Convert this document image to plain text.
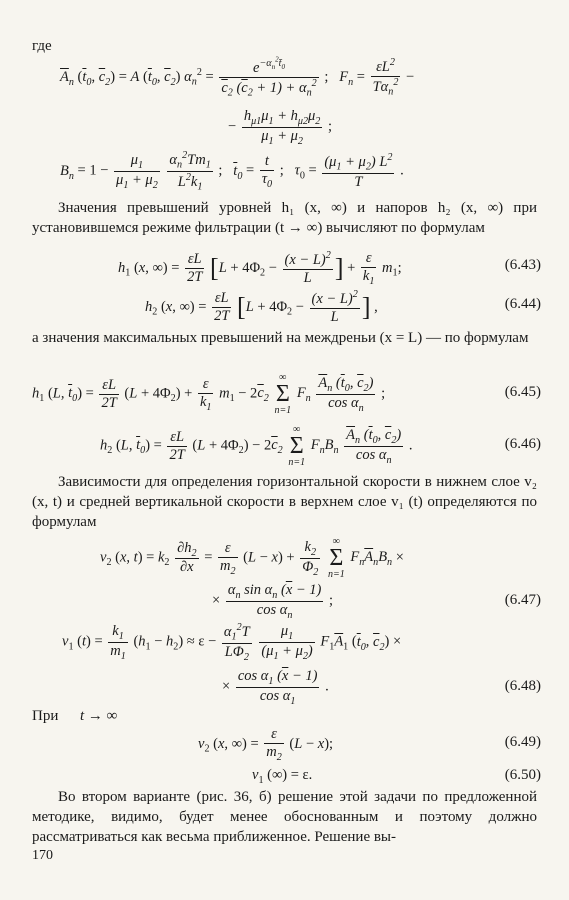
где
$\overline{A}_n$ ($\overline{t}_0$, $\overline{c}_2) = A$ ($\overline{t}_0$, $\overline{c}_2$) $\alpha_n^2 = \frac{e^{-\alpha_n^2t̄_0}}{\overline{c}_2 (\overline{c}_2 + 1) + \alpha_n^2}$ ;   $F_n = \frac{\varepsilon L^2}{T\alpha_n^2}$ −
− $\frac{h_{\mu 1}\mu_1 + h_{\mu 2}\mu_2}{\mu_1 + \mu_2}$ ;
$B_n = 1 - \frac{\mu_1}{\mu_1 + \mu_2}$
$\frac{\alpha_n^2Tm_1}{L^2k_1}$ ;   $\overline{t}_0 = \frac{t}{\tau_0}$ ;   $\tau_0 = \frac{(\mu_1 + \mu_2) L^2}{T}$ .
Значения превышений уровней h₁ (x, ∞) и напоров h₂ (x, ∞) при установившемся режиме фильтрации (t → ∞) вычисляют по формулам
$h_1$ (x, ∞) = $\frac{\varepsilon L}{2T} [L + 4\Phi_2 - \frac{(x - L)^2}{L}$ ] + $\frac{\varepsilon}{k_1} m_1$;	(6.43)
$h_2$ (x, ∞) = $\frac{\varepsilon L}{2T} [L + 4\Phi_2 - \frac{(x - L)^2}{L}$ ] ,	(6.44)
а значения максимальных превышений на междреньи (x = L) — по формулам
$h_1$ (L, $\overline{t}_0) = \frac{\varepsilon L}{2T} (L + 4\Phi_2) + \frac{\varepsilon}{k_1} m_1 - 2\overline{c}_2$
∞
Σ
n=1
$F_n \frac{\overline{A}_n (\overline{t}_0, \overline{c}_2)}{\cos \alpha_n}$ ;	(6.45)
$h_2$ (L, $\overline{t}_0) = \frac{\varepsilon L}{2T} (L + 4\Phi_2) - 2\overline{c}_2$
∞
Σ
n=1
$F_nB_n \frac{\overline{A}_n (\overline{t}_0, \overline{c}_2)}{\cos \alpha_n}$ .	(6.46)
Зависимости для определения горизонтальной скорости в нижнем слое v₂ (x, t) и средней вертикальной скорости в верхнем слое v₁ (t) определяются по формулам
$v_2$ (x, $t) = k_2 \frac{\partial h_2}{\partial x} = \frac{\varepsilon}{m_2} (L - x) + \frac{k_2}{\Phi_2}$
	∞
Σ
n=1
$F_n\overline{A}_nB_n$ ×
× $\frac{\alpha_n \sin \alpha_n (\overline{x} - 1)}{\cos \alpha_n}$ ;	(6.47)
$v_1$ $(t) = \frac{k_1}{m_1} (h_1 - h_2) \approx \varepsilon - \frac{\alpha_1^2T}{L\Phi_2}$
$\frac{\mu_1}{(\mu_1 + \mu_2)} F_1\overline{A}_1$ ($\overline{t}_0$, $\overline{c}_2$) ×
× $\frac{\cos \alpha_1 (\overline{x} - 1)}{\cos \alpha_1}$ .	(6.48)
При t → ∞
$v_2$ (x, ∞) = $\frac{\varepsilon}{m_2} (L - x)$;	(6.49)
$v_1$ (∞) = ε.	(6.50)
Во втором варианте (рис. 36, б) решение этой задачи по предложенной методике, видимо, будет менее обоснованным и поэтому должно рассматриваться как весьма приближенное. Решение вы-
170
